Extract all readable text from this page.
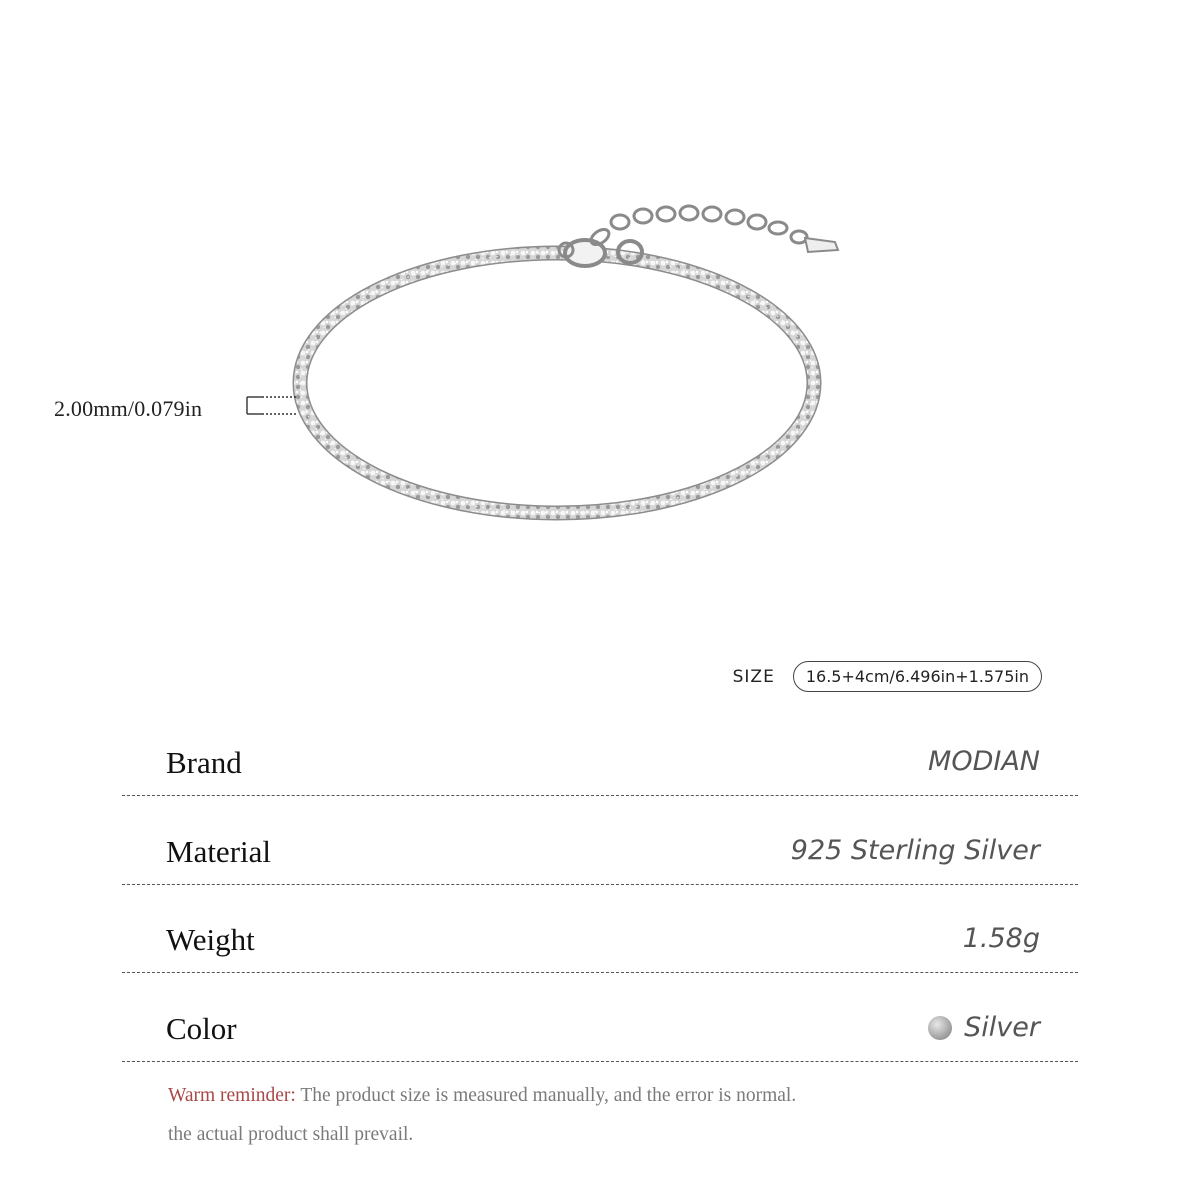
2.00mm/0.079in
SIZE	16.5+4cm/6.496in+1.575in
Brand	MODIAN
Material	925 Sterling Silver
Weight	1.58g
Color	Silver
Warm reminder: The product size is measured manually, and the error is normal.
the actual product shall prevail.
